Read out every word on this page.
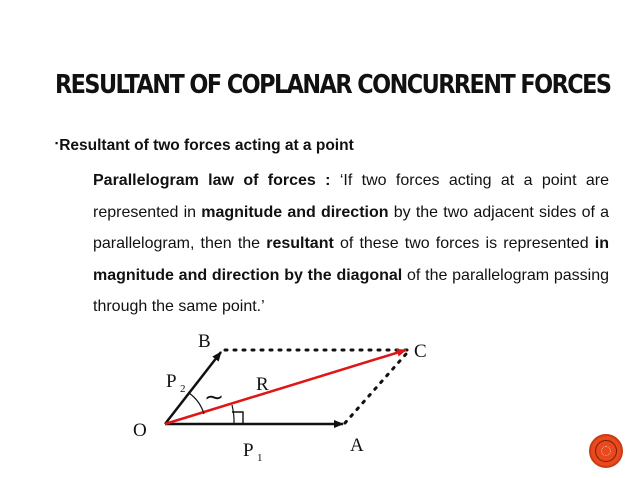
RESULTANT OF COPLANAR CONCURRENT FORCES
▪Resultant of two forces acting at a point
Parallelogram law of forces : ‘If two forces acting at a point are represented in magnitude and direction by the two adjacent sides of a parallelogram, then the resultant of these two forces is represented in magnitude and direction by the diagonal of the parallelogram passing through the same point.’
O
A
B	C
R
P 2
P 1
∼
